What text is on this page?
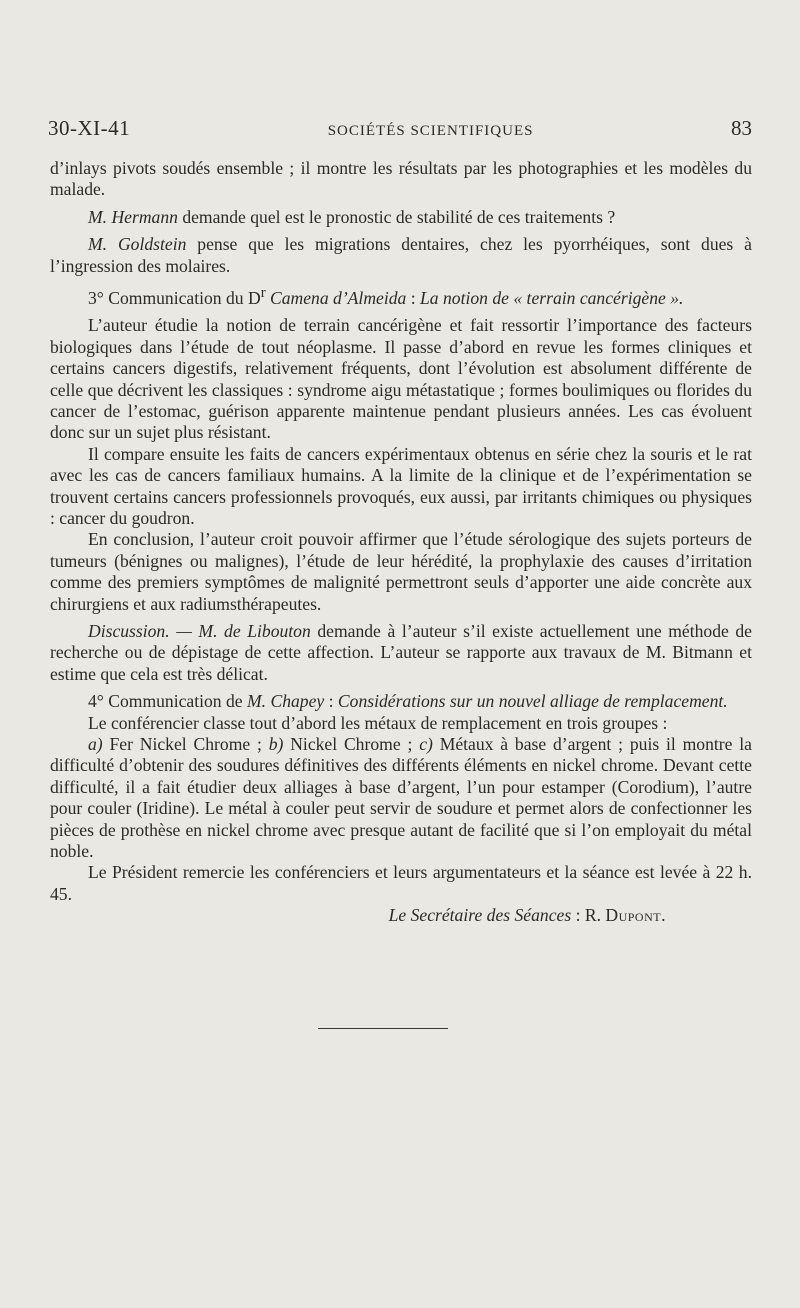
30-XI-41	SOCIÉTÉS SCIENTIFIQUES	83

d’inlays pivots soudés ensemble ; il montre les résultats par les photographies et les modèles du malade.

M. Hermann demande quel est le pronostic de stabilité de ces traitements ?

M. Goldstein pense que les migrations dentaires, chez les pyorrhéiques, sont dues à l’ingression des molaires.

3° Communication du $D^r$ Camena d’Almeida : La notion de « terrain cancérigène ».

L’auteur étudie la notion de terrain cancérigène et fait ressortir l’importance des facteurs biologiques dans l’étude de tout néoplasme. Il passe d’abord en revue les formes cliniques et certains cancers digestifs, relativement fréquents, dont l’évolution est absolument différente de celle que décrivent les classiques : syndrome aigu métastatique ; formes boulimiques ou florides du cancer de l’estomac, guérison apparente maintenue pendant plusieurs années. Les cas évoluent donc sur un sujet plus résistant.

Il compare ensuite les faits de cancers expérimentaux obtenus en série chez la souris et le rat avec les cas de cancers familiaux humains. A la limite de la clinique et de l’expérimentation se trouvent certains cancers professionnels provoqués, eux aussi, par irritants chimiques ou physiques : cancer du goudron.

En conclusion, l’auteur croit pouvoir affirmer que l’étude sérologique des sujets porteurs de tumeurs (bénignes ou malignes), l’étude de leur hérédité, la prophylaxie des causes d’irritation comme des premiers symptômes de malignité permettront seuls d’apporter une aide concrète aux chirurgiens et aux radiumsthérapeutes.

Discussion. — M. de Libouton demande à l’auteur s’il existe actuellement une méthode de recherche ou de dépistage de cette affection. L’auteur se rapporte aux travaux de M. Bitmann et estime que cela est très délicat.

4° Communication de M. Chapey : Considérations sur un nouvel alliage de remplacement.

Le conférencier classe tout d’abord les métaux de remplacement en trois groupes :

a) Fer Nickel Chrome ; b) Nickel Chrome ; c) Métaux à base d’argent ; puis il montre la difficulté d’obtenir des soudures définitives des différents éléments en nickel chrome. Devant cette difficulté, il a fait étudier deux alliages à base d’argent, l’un pour estamper (Corodium), l’autre pour couler (Iridine). Le métal à couler peut servir de soudure et permet alors de confectionner les pièces de prothèse en nickel chrome avec presque autant de facilité que si l’on employait du métal noble.

Le Président remercie les conférenciers et leurs argumentateurs et la séance est levée à 22 h. 45.

Le Secrétaire des Séances : R. Dupont.
